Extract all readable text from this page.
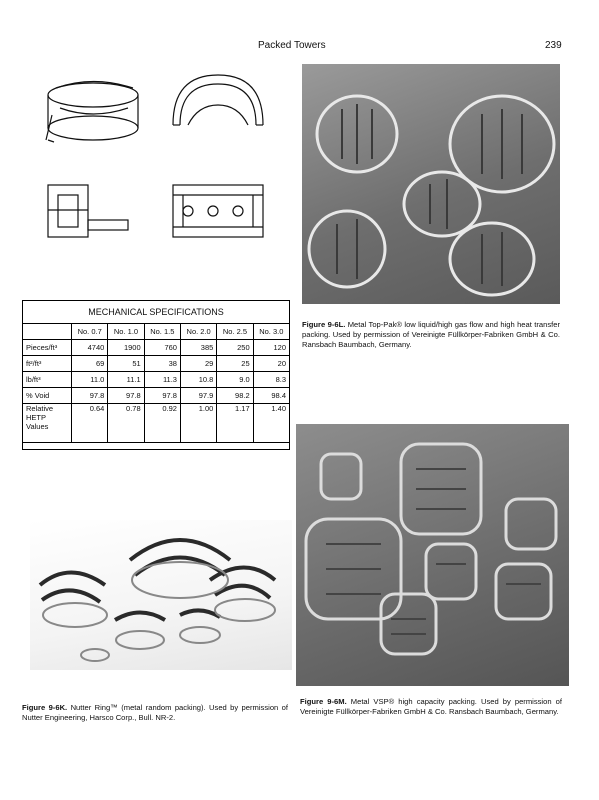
Packed Towers	239
Figure 9-6L. Metal Top-Pak® low liquid/high gas flow and high heat transfer packing. Used by permission of Vereinigte Füllkörper-Fabriken GmbH & Co. Ransbach Baumbach, Germany.
MECHANICAL SPECIFICATIONS
	No. 0.7	No. 1.0	No. 1.5	No. 2.0	No. 2.5	No. 3.0
Pieces/ft³	4740	1900	760	385	250	120
ft²/ft³	69	51	38	29	25	20
lb/ft³	11.0	11.1	11.3	10.8	9.0	8.3
% Void	97.8	97.8	97.8	97.9	98.2	98.4
Relative HETP Values	0.64	0.78	0.92	1.00	1.17	1.40
Figure 9-6K. Nutter Ring™ (metal random packing). Used by permission of Nutter Engineering, Harsco Corp., Bull. NR-2.
Figure 9-6M. Metal VSP® high capacity packing. Used by permission of Vereinigte Füllkörper-Fabriken GmbH & Co. Ransbach Baumbach, Germany.
